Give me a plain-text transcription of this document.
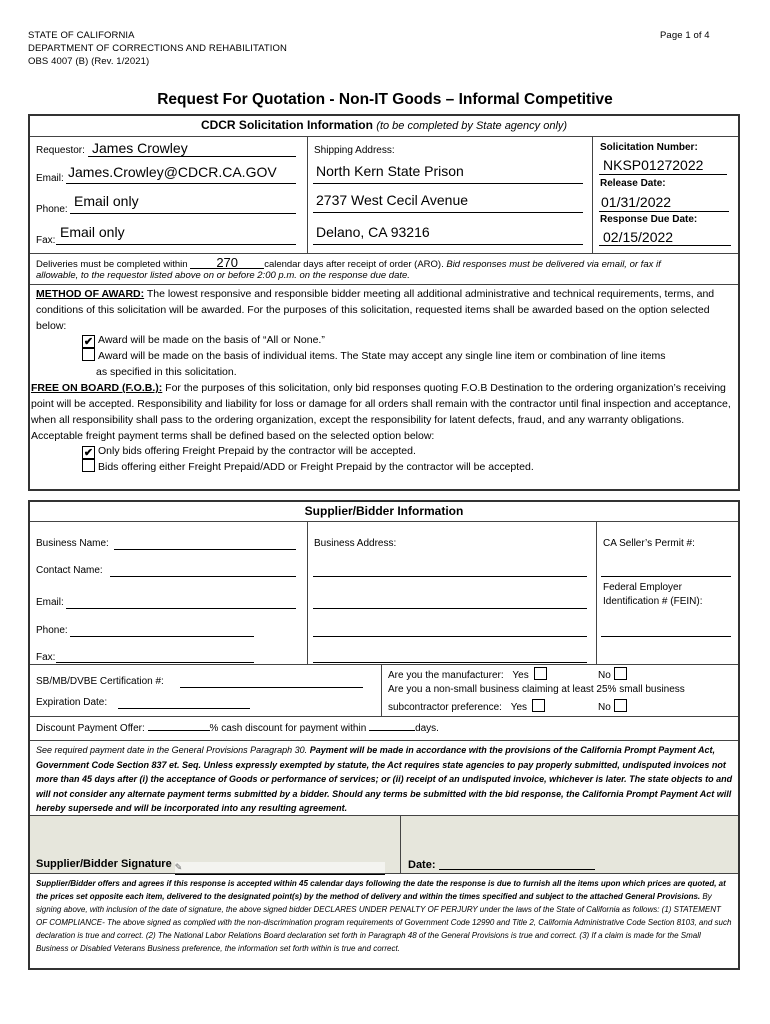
STATE OF CALIFORNIA
DEPARTMENT OF CORRECTIONS AND REHABILITATION
OBS 4007 (B) (Rev. 1/2021)
Page 1 of 4
Request For Quotation - Non-IT Goods – Informal Competitive
CDCR Solicitation Information (to be completed by State agency only)
Requestor: James Crowley
Email: James.Crowley@CDCR.CA.GOV
Phone:
Email only
Fax:
Email only
Shipping Address:
North Kern State Prison
2737 West Cecil Avenue
Delano, CA 93216
Solicitation Number:
NKSP01272022
Release Date:
01/31/2022
Response Due Date:
02/15/2022
Deliveries must be completed within 270	calendar days after receipt of order (ARO). Bid responses must be delivered via email, or fax if
allowable, to the requestor listed above on or before 2:00 p.m. on the response due date.
METHOD OF AWARD: The lowest responsive and responsible bidder meeting all additional administrative and technical requirements, terms, and conditions of this solicitation will be awarded. For the purposes of this solicitation, requested items shall be awarded based on the option selected below:
✔ Award will be made on the basis of “All or None.”
Award will be made on the basis of individual items. The State may accept any single line item or combination of line items
as specified in this solicitation.
FREE ON BOARD (F.O.B.): For the purposes of this solicitation, only bid responses quoting F.O.B Destination to the ordering organization’s receiving point will be accepted. Responsibility and liability for loss or damage for all orders shall remain with the contractor until final inspection and acceptance, when all responsibility shall pass to the ordering organization, except the responsibility for latent defects, fraud, and any warranty obligations. Acceptable freight payment terms shall be defined based on the selected option below:
✔ Only bids offering Freight Prepaid by the contractor will be accepted.
Bids offering either Freight Prepaid/ADD or Freight Prepaid by the contractor will be accepted.
Supplier/Bidder Information
Business Name:
Contact Name:
Email:
Phone:
Fax:
Business Address:	CA Seller’s Permit #:
Federal Employer
Identification # (FEIN):
SB/MB/DVBE Certification #:
Expiration Date:
Are you the manufacturer: Yes	No
Are you a non-small business claiming at least 25% small business
subcontractor preference: Yes	No
Discount Payment Offer:	% cash discount for payment within	days.
See required payment date in the General Provisions Paragraph 30. Payment will be made in accordance with the provisions of the California Prompt Payment Act, Government Code Section 837 et. Seq. Unless expressly exempted by statute, the Act requires state agencies to pay properly submitted, undisputed invoices not more than 45 days after (i) the acceptance of Goods or performance of services; or (ii) receipt of an undisputed invoice, whichever is later. The state objects to and will not consider any alternate payment terms submitted by a bidder. Should any terms be submitted with the bid response, the California Prompt Payment Act will hereby supersede and will be incorporated into any resulting agreement.
Supplier/Bidder Signature ✎	Date:
Supplier/Bidder offers and agrees if this response is accepted within 45 calendar days following the date the response is due to furnish all the items upon which prices are quoted, at the prices set opposite each item, delivered to the designated point(s) by the method of delivery and within the times specified and subject to the attached General Provisions. By signing above, with inclusion of the date of signature, the above signed bidder DECLARES UNDER PENALTY OF PERJURY under the laws of the State of California as follows: (1) STATEMENT OF COMPLIANCE- The above signed as complied with the non-discrimination program requirements of Government Code 12990 and Title 2, California Administrative Code Section 8103, and such declaration is true and correct. (2) The National Labor Relations Board declaration set forth in Paragraph 48 of the General Provisions is true and correct. (3) If a claim is made for the Small Business or Disabled Veterans Business preference, the information set forth within is true and correct.
